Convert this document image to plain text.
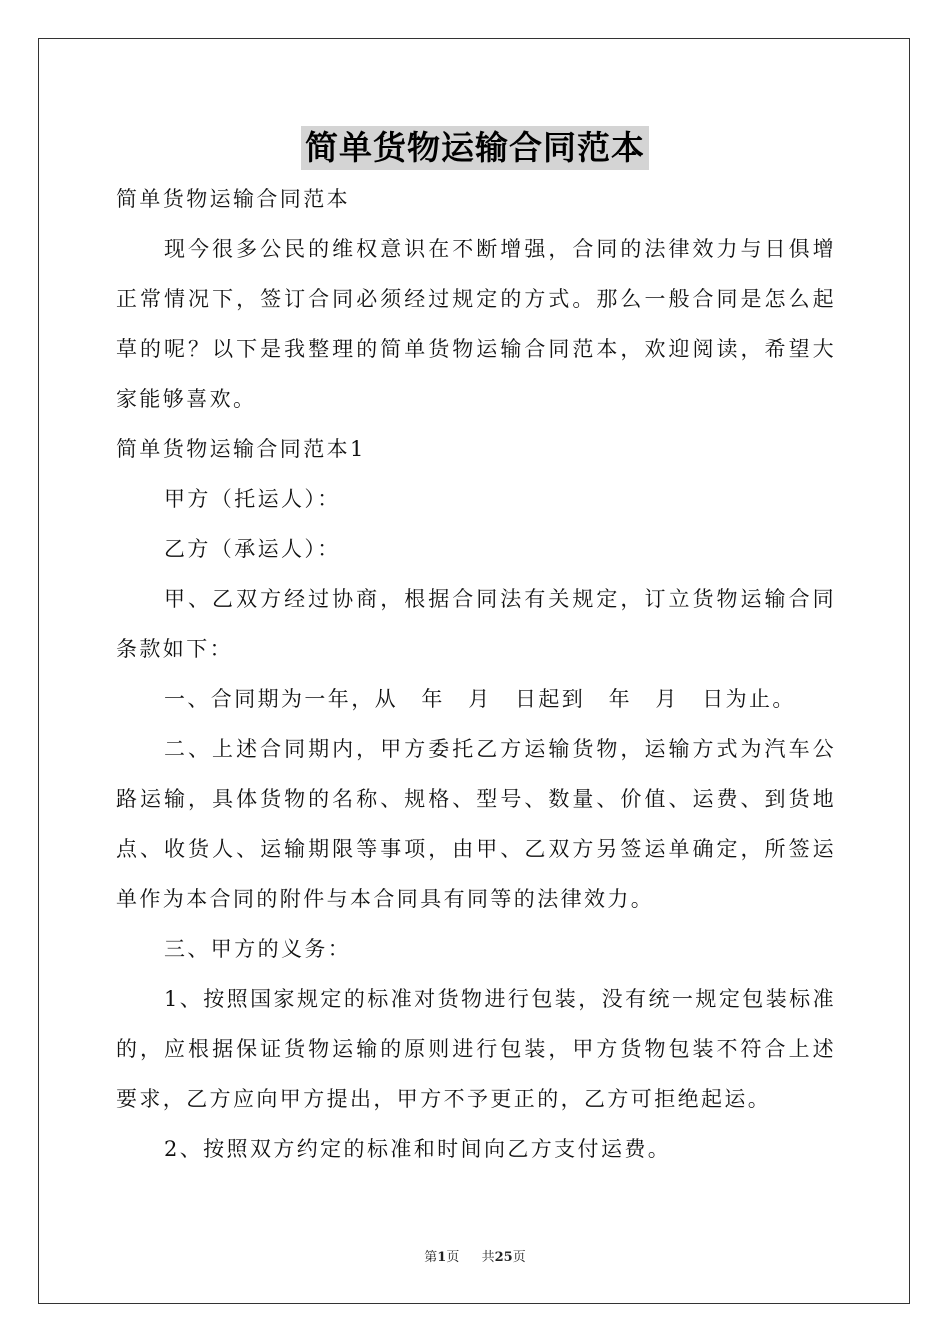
简单货物运输合同范本

简单货物运输合同范本

现今很多公民的维权意识在不断增强，合同的法律效力与日俱增正常情况下，签订合同必须经过规定的方式。那么一般合同是怎么起草的呢？以下是我整理的简单货物运输合同范本，欢迎阅读，希望大家能够喜欢。

简单货物运输合同范本1

甲方（托运人）：

乙方（承运人）：

甲、乙双方经过协商，根据合同法有关规定，订立货物运输合同条款如下：

一、合同期为一年，从　年　月　日起到　年　月　日为止。

二、上述合同期内，甲方委托乙方运输货物，运输方式为汽车公路运输，具体货物的名称、规格、型号、数量、价值、运费、到货地点、收货人、运输期限等事项，由甲、乙双方另签运单确定，所签运单作为本合同的附件与本合同具有同等的法律效力。

三、甲方的义务：

1、按照国家规定的标准对货物进行包装，没有统一规定包装标准的，应根据保证货物运输的原则进行包装，甲方货物包装不符合上述要求，乙方应向甲方提出，甲方不予更正的，乙方可拒绝起运。

2、按照双方约定的标准和时间向乙方支付运费。

第1页 共25页
